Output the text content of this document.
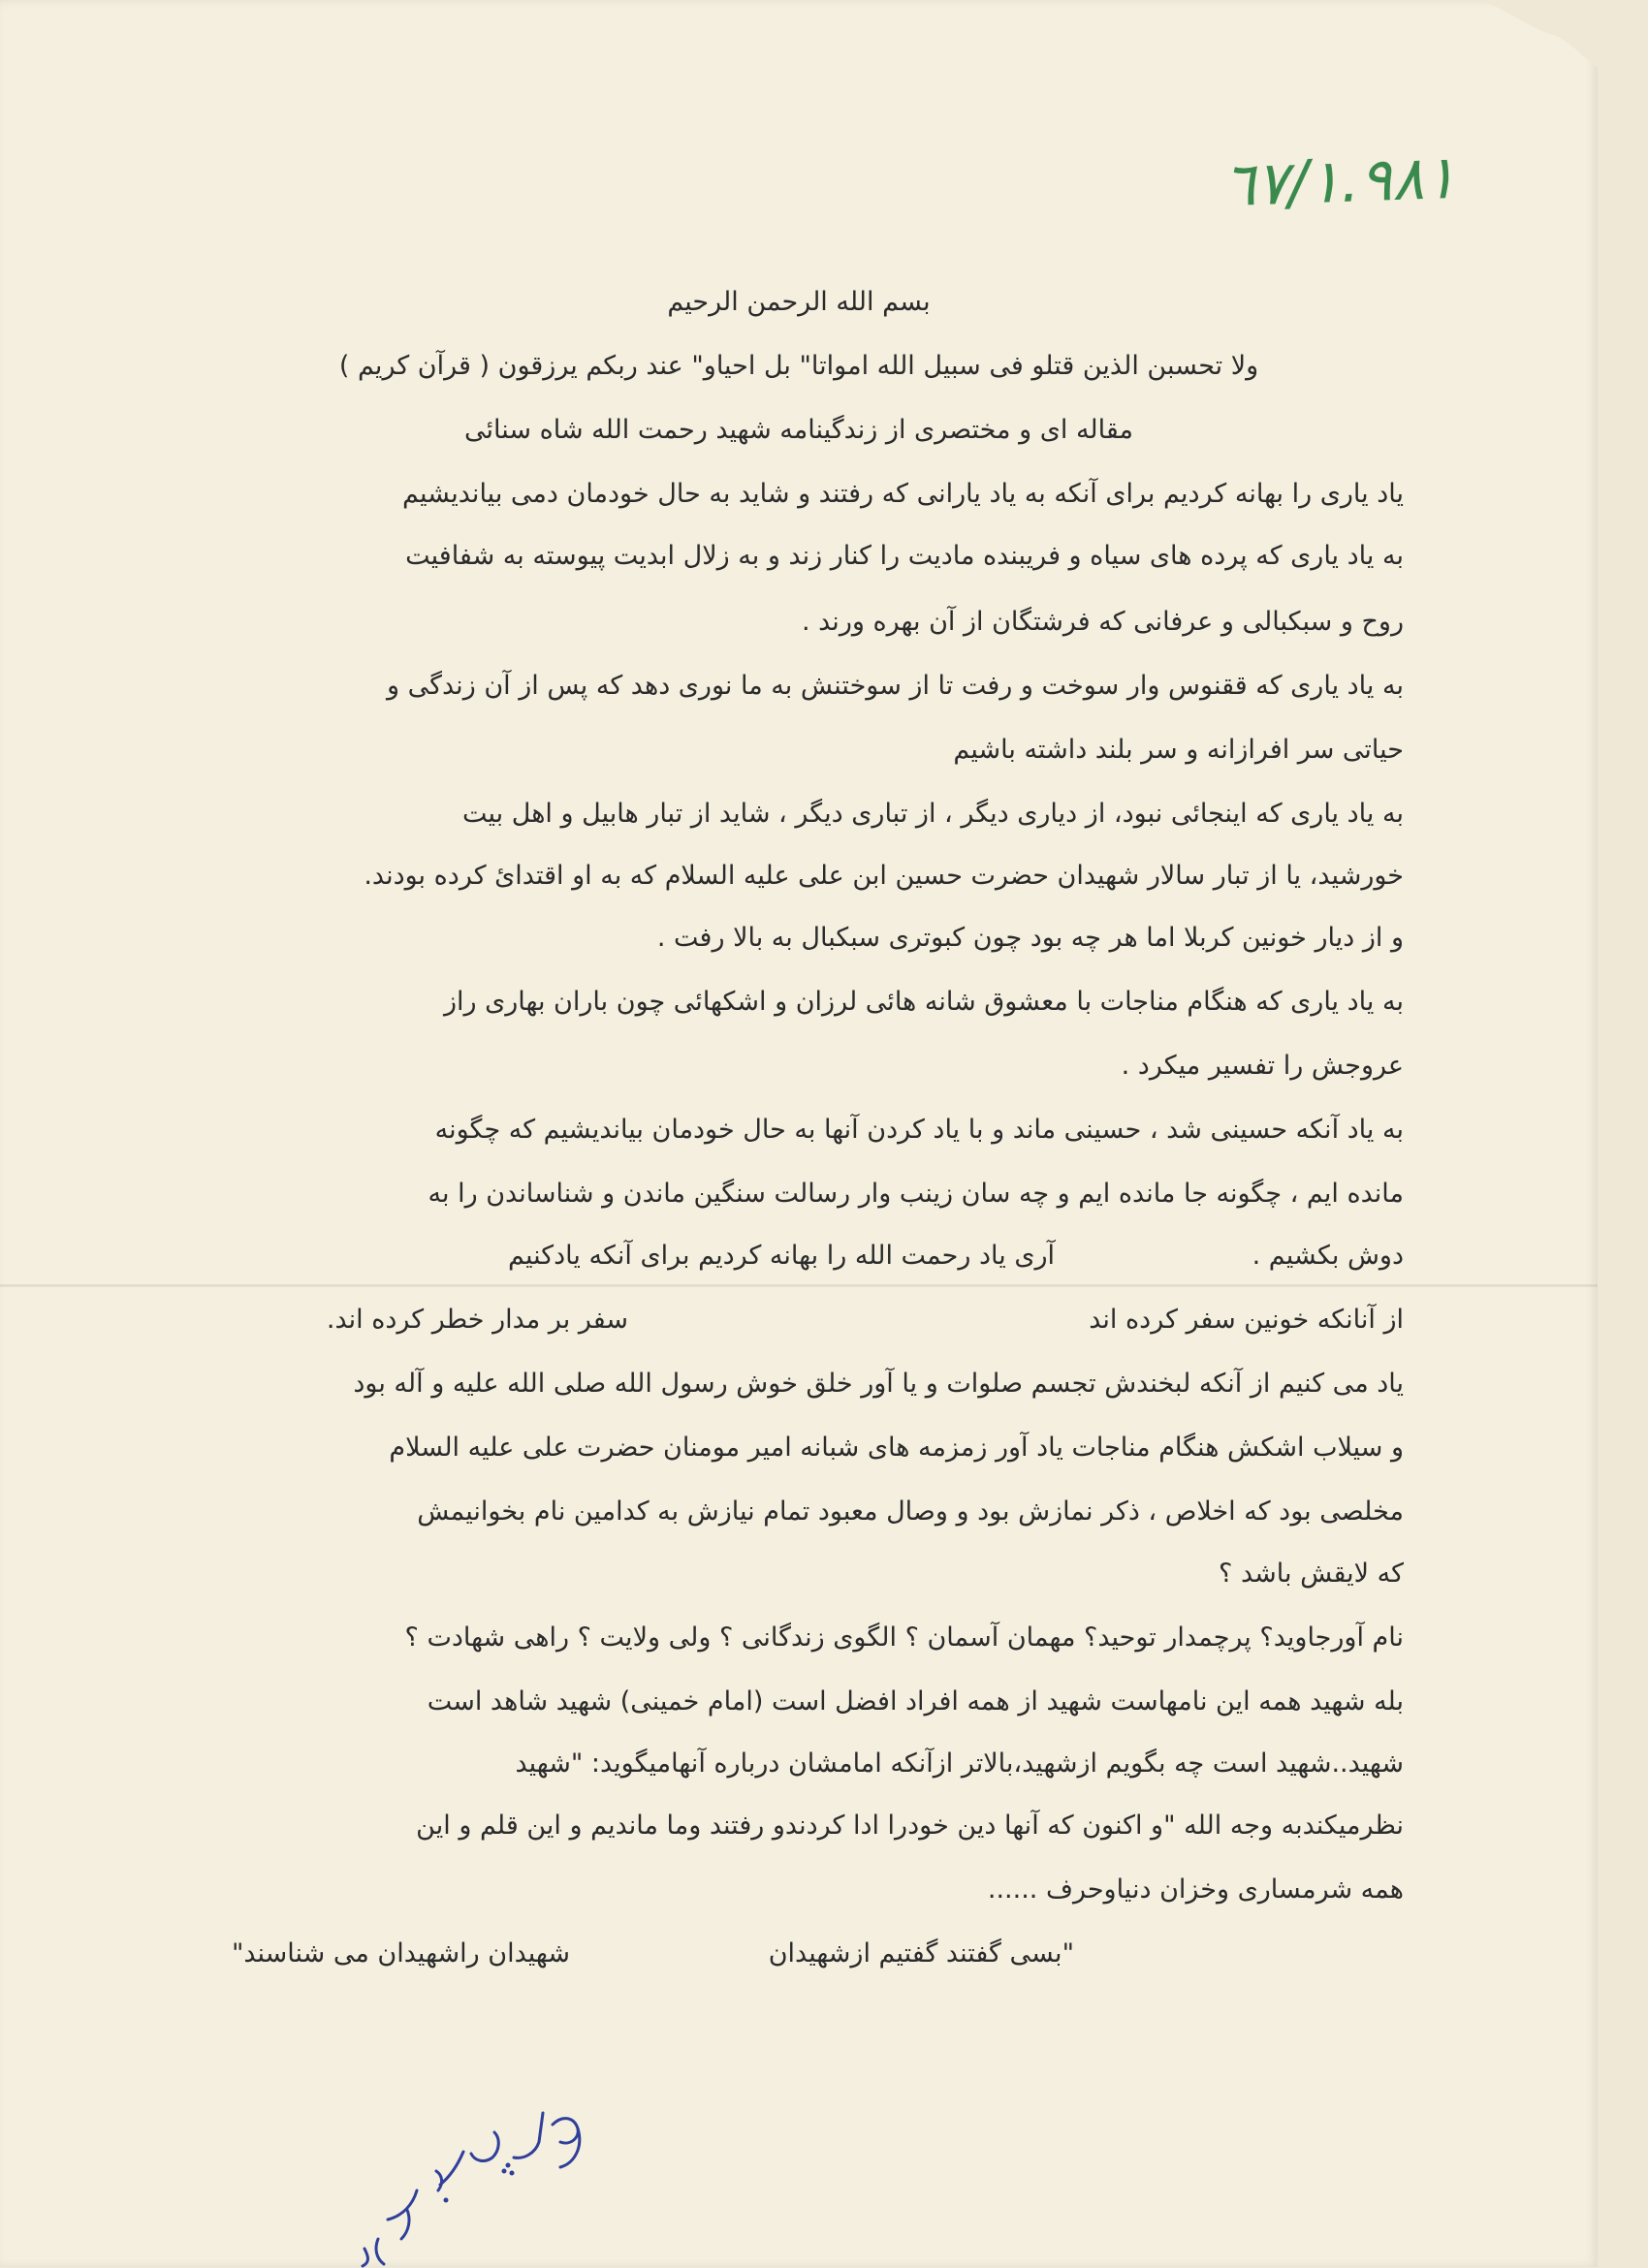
٦٧/١.٩٨١
بسم الله الرحمن الرحیم
ولا تحسبن الذین قتلو فی سبیل الله امواتا" بل احیاو" عند ربکم یرزقون ( قرآن کریم )
مقاله ای و مختصری از زندگینامه شهید رحمت الله شاه سنائی
یاد یاری را بهانه کردیم برای آنکه به یاد یارانی که رفتند و شاید به حال خودمان دمی بیاندیشیم
به یاد یاری که پرده های سیاه و فریبنده مادیت را کنار زند و به زلال ابدیت پیوسته به شفافیت
روح و سبکبالی و عرفانی که فرشتگان از آن بهره ورند .
به یاد یاری که ققنوس وار سوخت و رفت تا از سوختنش به ما نوری دهد که پس از آن زندگی و
حیاتی سر افرازانه و سر بلند داشته باشیم
به یاد یاری که اینجائی نبود، از دیاری دیگر ، از تباری دیگر ، شاید از تبار هابیل و اهل بیت
خورشید، یا از تبار سالار شهیدان حضرت حسین ابن علی علیه السلام که به او اقتدائ کرده بودند.
و از دیار خونین کربلا اما هر چه بود چون کبوتری سبکبال به بالا رفت .
به یاد یاری که هنگام مناجات با معشوق شانه هائی لرزان و اشکهائی چون باران بهاری راز
عروجش را تفسیر میکرد .
به یاد آنکه حسینی شد ، حسینی ماند و با یاد کردن آنها به حال خودمان بیاندیشیم که چگونه
مانده ایم ، چگونه جا مانده ایم و چه سان زینب وار رسالت سنگین ماندن و شناساندن را به
دوش بکشیم .
آری یاد رحمت الله را بهانه کردیم برای آنکه یادکنیم
از آنانکه خونین سفر کرده اند
سفر بر مدار خطر کرده اند.
یاد می کنیم از آنکه لبخندش تجسم صلوات و یا آور خلق خوش رسول الله صلی الله علیه و آله بود
و سیلاب اشکش هنگام مناجات یاد آور زمزمه های شبانه امیر مومنان حضرت علی علیه السلام
مخلصی بود که اخلاص ، ذکر نمازش بود و وصال معبود تمام نیازش به کدامین نام بخوانیمش
که لایقش باشد ؟
نام آورجاوید؟ پرچمدار توحید؟ مهمان آسمان ؟ الگوی زندگانی ؟ ولی ولایت ؟ راهی شهادت ؟
بله شهید همه این نامهاست شهید از همه افراد افضل است (امام خمینی) شهید شاهد است
شهید..شهید است چه بگویم ازشهید،بالاتر ازآنکه امامشان درباره آنهامیگوید: "شهید
نظرمیکندبه وجه الله "و اکنون که آنها دین خودرا ادا کردندو رفتند وما ماندیم و این قلم و این
همه شرمساری وخزان دنیاوحرف ......
"بسی گفتند گفتیم ازشهیدان
شهیدان راشهیدان می شناسند"
